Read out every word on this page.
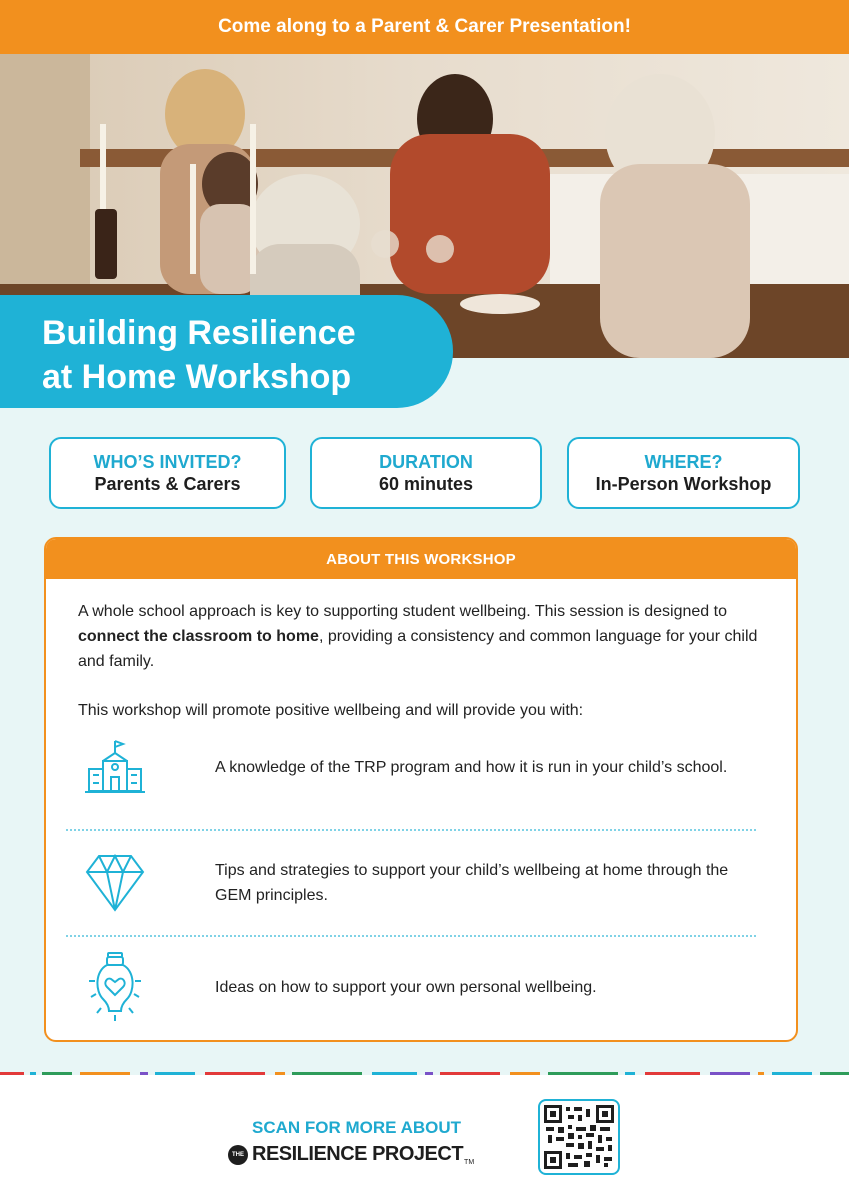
Come along to a Parent & Carer Presentation!
Building Resilience
at Home Workshop
WHO’S INVITED?
Parents & Carers
DURATION
60 minutes
WHERE?
In-Person Workshop
ABOUT THIS WORKSHOP

A whole school approach is key to supporting student wellbeing. This session is designed to connect the classroom to home, providing a consistency and common language for your child and family.

This workshop will promote positive wellbeing and will provide you with:

A knowledge of the TRP program and how it is run in your child’s school.
Tips and strategies to support your child’s wellbeing at home through the GEM principles.
Ideas on how to support your own personal wellbeing.
SCAN FOR MORE ABOUT
THE RESILIENCE PROJECT TM
